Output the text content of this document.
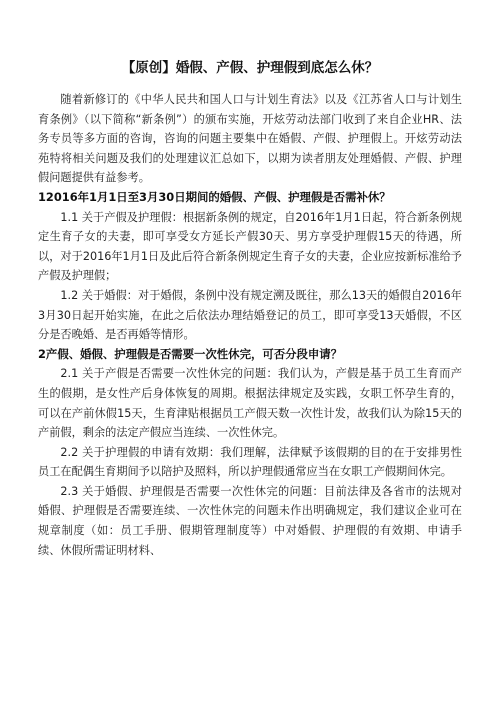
【原创】婚假、产假、护理假到底怎么休？

随着新修订的《中华人民共和国人口与计划生育法》以及《江苏省人口与计划生育条例》（以下简称“新条例”）的颁布实施，开炫劳动法部门收到了来自企业HR、法务专员等多方面的咨询，咨询的问题主要集中在婚假、产假、护理假上。开炫劳动法苑特将相关问题及我们的处理建议汇总如下，以期为读者朋友处理婚假、产假、护理假问题提供有益参考。

12016年1月1日至3月30日期间的婚假、产假、护理假是否需补休？

1.1 关于产假及护理假：根据新条例的规定，自2016年1月1日起，符合新条例规定生育子女的夫妻，即可享受女方延长产假30天、男方享受护理假15天的待遇，所以，对于2016年1月1日及此后符合新条例规定生育子女的夫妻，企业应按新标准给予产假及护理假；

1.2 关于婚假：对于婚假，条例中没有规定溯及既往，那么13天的婚假自2016年3月30日起开始实施，在此之后依法办理结婚登记的员工，即可享受13天婚假，不区分是否晚婚、是否再婚等情形。

2产假、婚假、护理假是否需要一次性休完，可否分段申请？

2.1 关于产假是否需要一次性休完的问题：我们认为，产假是基于员工生育而产生的假期，是女性产后身体恢复的周期。根据法律规定及实践，女职工怀孕生育的，可以在产前休假15天，生育津贴根据员工产假天数一次性计发，故我们认为除15天的产前假，剩余的法定产假应当连续、一次性休完。

2.2 关于护理假的申请有效期：我们理解，法律赋予该假期的目的在于安排男性员工在配偶生育期间予以陪护及照料，所以护理假通常应当在女职工产假期间休完。

2.3 关于婚假、护理假是否需要一次性休完的问题：目前法律及各省市的法规对婚假、护理假是否需要连续、一次性休完的问题未作出明确规定，我们建议企业可在规章制度（如：员工手册、假期管理制度等）中对婚假、护理假的有效期、申请手续、休假所需证明材料、
